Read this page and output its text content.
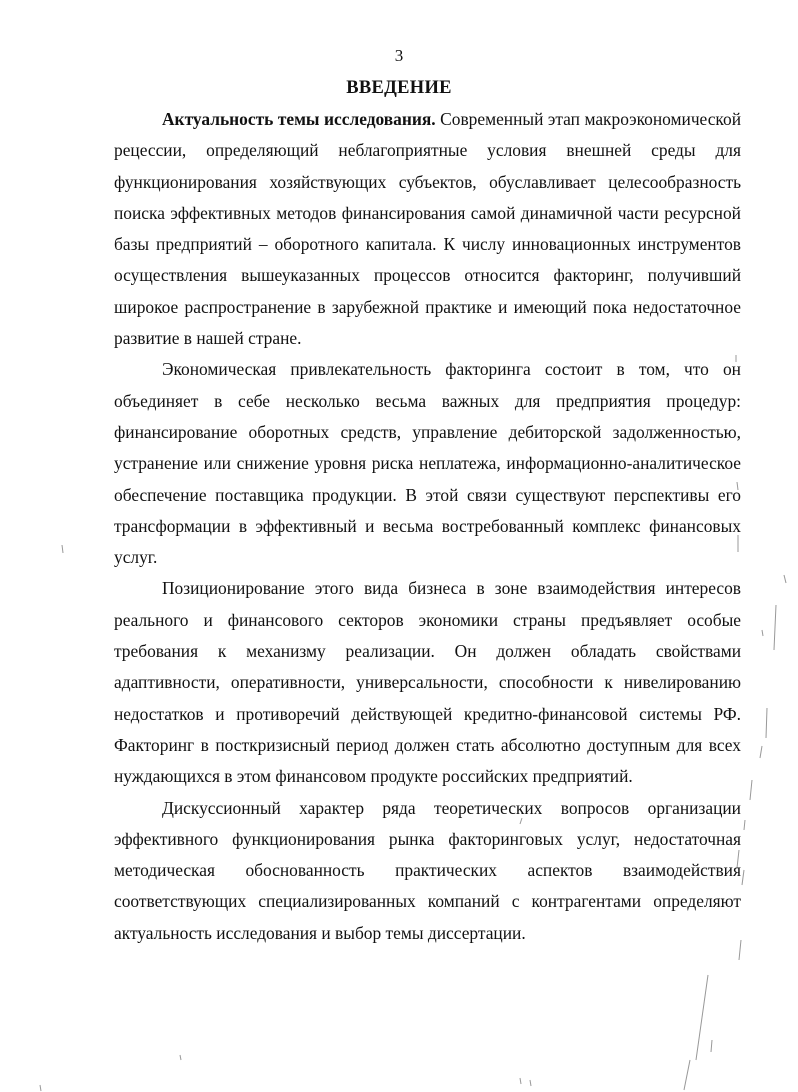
3
ВВЕДЕНИЕ

Актуальность темы исследования. Современный этап макроэкономической рецессии, определяющий неблагоприятные условия внешней среды для функционирования хозяйствующих субъектов, обуславливает целесообразность поиска эффективных методов финансирования самой динамичной части ресурсной базы предприятий – оборотного капитала. К числу инновационных инструментов осуществления вышеуказанных процессов относится факторинг, получивший широкое распространение в зарубежной практике и имеющий пока недостаточное развитие в нашей стране.

Экономическая привлекательность факторинга состоит в том, что он объединяет в себе несколько весьма важных для предприятия процедур: финансирование оборотных средств, управление дебиторской задолженностью, устранение или снижение уровня риска неплатежа, информационно-аналитическое обеспечение поставщика продукции. В этой связи существуют перспективы его трансформации в эффективный и весьма востребованный комплекс финансовых услуг.

Позиционирование этого вида бизнеса в зоне взаимодействия интересов реального и финансового секторов экономики страны предъявляет особые требования к механизму реализации. Он должен обладать свойствами адаптивности, оперативности, универсальности, способности к нивелированию недостатков и противоречий действующей кредитно-финансовой системы РФ. Факторинг в посткризисный период должен стать абсолютно доступным для всех нуждающихся в этом финансовом продукте российских предприятий.

Дискуссионный характер ряда теоретических вопросов организации эффективного функционирования рынка факторинговых услуг, недостаточная методическая обоснованность практических аспектов взаимодействия соответствующих специализированных компаний с контрагентами определяют актуальность исследования и выбор темы диссертации.
